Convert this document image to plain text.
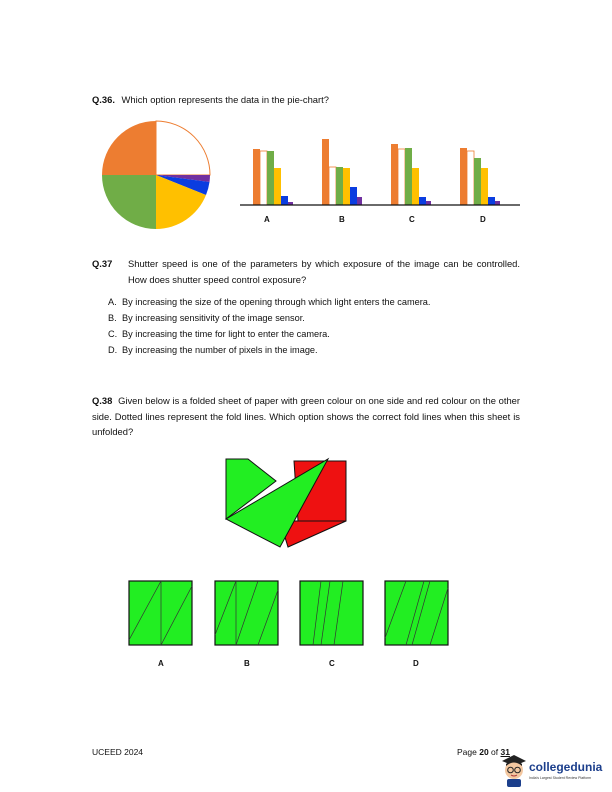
Q.36. Which option represents the data in the pie-chart?
A	B	C	D
Q.37	Shutter speed is one of the parameters by which exposure of the image can be controlled. How does shutter speed control exposure?
A. By increasing the size of the opening through which light enters the camera.
B. By increasing sensitivity of the image sensor.
C. By increasing the time for light to enter the camera.
D. By increasing the number of pixels in the image.
Q.38 Given below is a folded sheet of paper with green colour on one side and red colour on the other side. Dotted lines represent the fold lines. Which option shows the correct fold lines when this sheet is unfolded?
A	B	C	D
UCEED 2024	Page 20 of 31
collegedunia
India's Largest Student Review Platform
